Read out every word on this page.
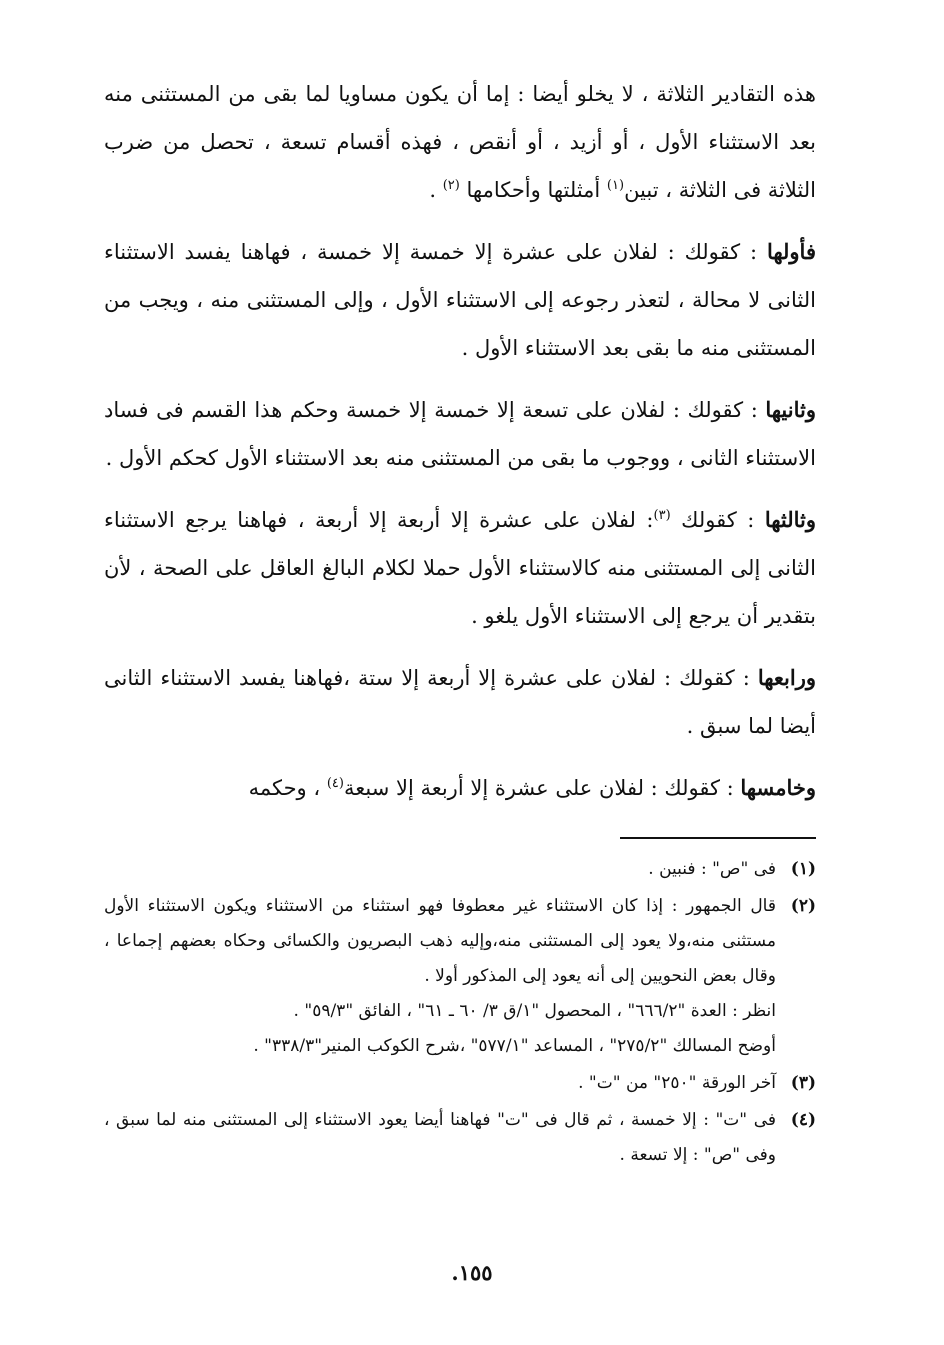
هذه التقادير الثلاثة ، لا يخلو أيضا : إما أن يكون مساويا لما بقى من المستثنى منه بعد الاستثناء الأول ، أو أزيد ، أو أنقص ، فهذه أقسام تسعة ، تحصل من ضرب الثلاثة فى الثلاثة ، تبين$^{(١)}$ أمثلتها وأحكامها $^{(٢)}$ .

فأولها : كقولك : لفلان على عشرة إلا خمسة إلا خمسة ، فهاهنا يفسد الاستثناء الثانى لا محالة ، لتعذر رجوعه إلى الاستثناء الأول ، وإلى المستثنى منه ، ويجب من المستثنى منه ما بقى بعد الاستثناء الأول .

وثانيها : كقولك : لفلان على تسعة إلا خمسة إلا خمسة وحكم هذا القسم فى فساد الاستثناء الثانى ، ووجوب ما بقى من المستثنى منه بعد الاستثناء الأول كحكم الأول .

وثالثها : كقولك $^{(٣)}$: لفلان على عشرة إلا أربعة إلا أربعة ، فهاهنا يرجع الاستثناء الثانى إلى المستثنى منه كالاستثناء الأول حملا لكلام البالغ العاقل على الصحة ، لأن بتقدير أن يرجع إلى الاستثناء الأول يلغو .

ورابعها : كقولك : لفلان على عشرة إلا أربعة إلا ستة ،فهاهنا يفسد الاستثناء الثانى أيضا لما سبق .

وخامسها : كقولك : لفلان على عشرة إلا أربعة إلا سبعة$^{(٤)}$ ، وحكمه

(١)
فى "ص" : فنبين .
(٢)
قال الجمهور : إذا كان الاستثناء غير معطوفا فهو استثناء من الاستثناء ويكون الاستثناء الأول مستثنى منه،ولا يعود إلى المستثنى منه،وإليه ذهب البصريون والكسائى وحكاه بعضهم إجماعا ، وقال بعض النحويين إلى أنه يعود إلى المذكور أولا .
انظر : العدة "٦٦٦/٢" ، المحصول "١/ق ٣/ ٦٠ ـ ٦١" ، الفائق "٥٩/٣" .
أوضح المسالك "٢٧٥/٢" ، المساعد "٥٧٧/١" ،شرح الكوكب المنير"٣٣٨/٣" .
(٣)
آخر الورقة "٢٥٠" من "ت" .
(٤)
فى "ت" : إلا خمسة ، ثم قال فى "ت" فهاهنا أيضا يعود الاستثناء إلى المستثنى منه لما سبق ، وفى "ص" : إلا تسعة .
١٥٥.
